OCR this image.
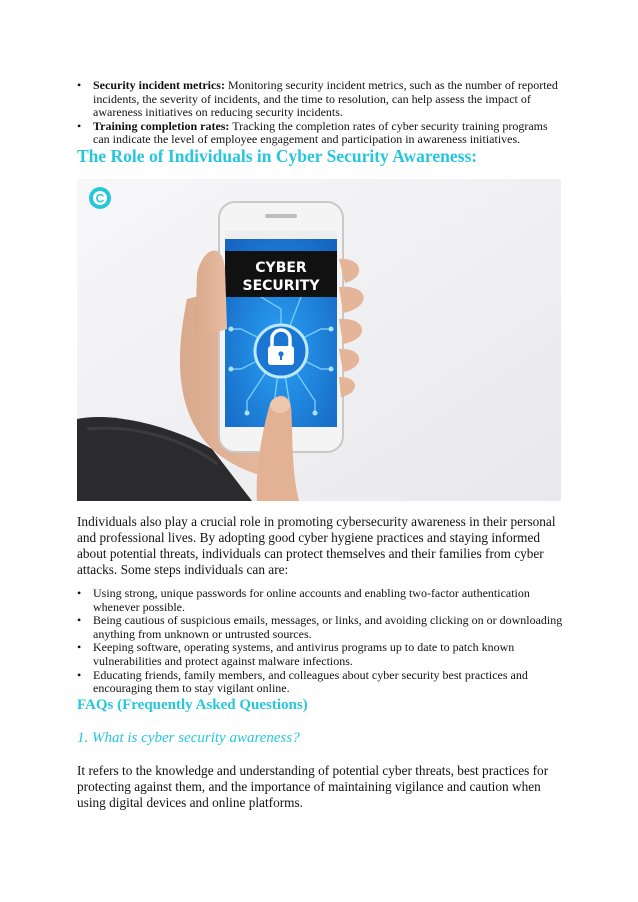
• Security incident metrics: Monitoring security incident metrics, such as the number of reported incidents, the severity of incidents, and the time to resolution, can help assess the impact of awareness initiatives on reducing security incidents.
• Training completion rates: Tracking the completion rates of cyber security training programs can indicate the level of employee engagement and participation in awareness initiatives.
The Role of Individuals in Cyber Security Awareness:
C
CYBER
SECURITY

Individuals also play a crucial role in promoting cybersecurity awareness in their personal and professional lives. By adopting good cyber hygiene practices and staying informed about potential threats, individuals can protect themselves and their families from cyber attacks. Some steps individuals can are:

• Using strong, unique passwords for online accounts and enabling two-factor authentication whenever possible.
• Being cautious of suspicious emails, messages, or links, and avoiding clicking on or downloading anything from unknown or untrusted sources.
• Keeping software, operating systems, and antivirus programs up to date to patch known vulnerabilities and protect against malware infections.
• Educating friends, family members, and colleagues about cyber security best practices and encouraging them to stay vigilant online.
FAQs (Frequently Asked Questions)
1. What is cyber security awareness?

It refers to the knowledge and understanding of potential cyber threats, best practices for protecting against them, and the importance of maintaining vigilance and caution when using digital devices and online platforms.
